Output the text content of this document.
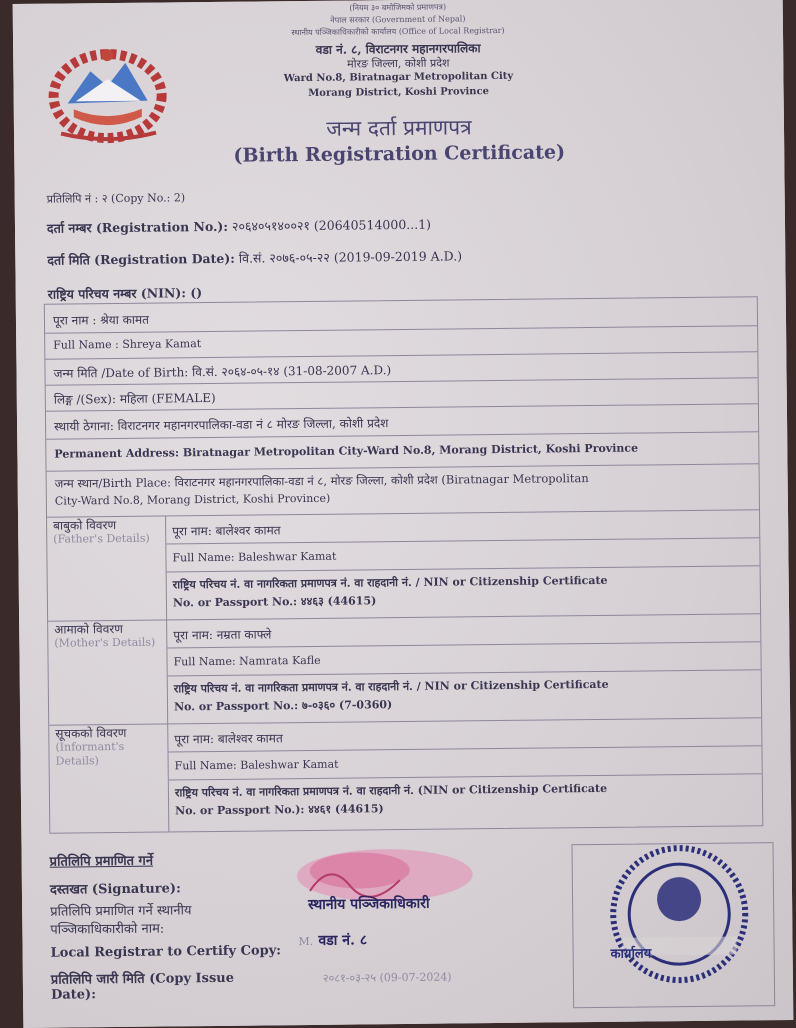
(नियम ३० बमोजिमको प्रमाणपत्र)
नेपाल सरकार (Government of Nepal)
स्थानीय पञ्जिकाधिकारीको कार्यालय (Office of Local Registrar)
वडा नं. ८, विराटनगर महानगरपालिका
मोरङ जिल्ला, कोशी प्रदेश
Ward No.8, Biratnagar Metropolitan City
Morang District, Koshi Province
जन्म दर्ता प्रमाणपत्र
(Birth Registration Certificate)
प्रतिलिपि नं : २ (Copy No.: 2)
दर्ता नम्बर (Registration No.): २०६४०५१४००२१ (20640514000...1)
दर्ता मिति (Registration Date): वि.सं. २०७६-०५-२२ (2019-09-2019 A.D.)
राष्ट्रिय परिचय नम्बर (NIN): ()
पूरा नाम : श्रेया कामत
Full Name : Shreya Kamat
जन्म मिति /Date of Birth: वि.सं. २०६४-०५-१४ (31-08-2007 A.D.)
लिङ्ग /(Sex): महिला (FEMALE)
स्थायी ठेगाना: विराटनगर महानगरपालिका-वडा नं ८ मोरङ जिल्ला, कोशी प्रदेश
Permanent Address: Biratnagar Metropolitan City-Ward No.8, Morang District, Koshi Province
जन्म स्थान/Birth Place: विराटनगर महानगरपालिका-वडा नं ८, मोरङ जिल्ला, कोशी प्रदेश (Biratnagar Metropolitan
City-Ward No.8, Morang District, Koshi Province)
बाबुको विवरण
(Father's Details)
पूरा नाम: बालेश्वर कामत
Full Name: Baleshwar Kamat
राष्ट्रिय परिचय नं. वा नागरिकता प्रमाणपत्र नं. वा राहदानी नं. / NIN or Citizenship Certificate
No. or Passport No.: ४४६३ (44615)
आमाको विवरण
(Mother's Details)
पूरा नाम: नम्रता काफ्ले
Full Name: Namrata Kafle
राष्ट्रिय परिचय नं. वा नागरिकता प्रमाणपत्र नं. वा राहदानी नं. / NIN or Citizenship Certificate
No. or Passport No.: ७-०३६० (7-0360)
सूचकको विवरण
(Informant's Details)
पूरा नाम: बालेश्वर कामत
Full Name: Baleshwar Kamat
राष्ट्रिय परिचय नं. वा नागरिकता प्रमाणपत्र नं. वा राहदानी नं. (NIN or Citizenship Certificate
No. or Passport No.): ४४६१ (44615)
प्रतिलिपि प्रमाणित गर्ने
दस्तखत (Signature):
प्रतिलिपि प्रमाणित गर्ने स्थानीय
पञ्जिकाधिकारीको नाम:
Local Registrar to Certify Copy:
प्रतिलिपि जारी मिति (Copy Issue
Date):
स्थानीय पञ्जिकाधिकारी
M. वडा नं. ८
२०८१-०३-२५ (09-07-2024)
कार्यालय
